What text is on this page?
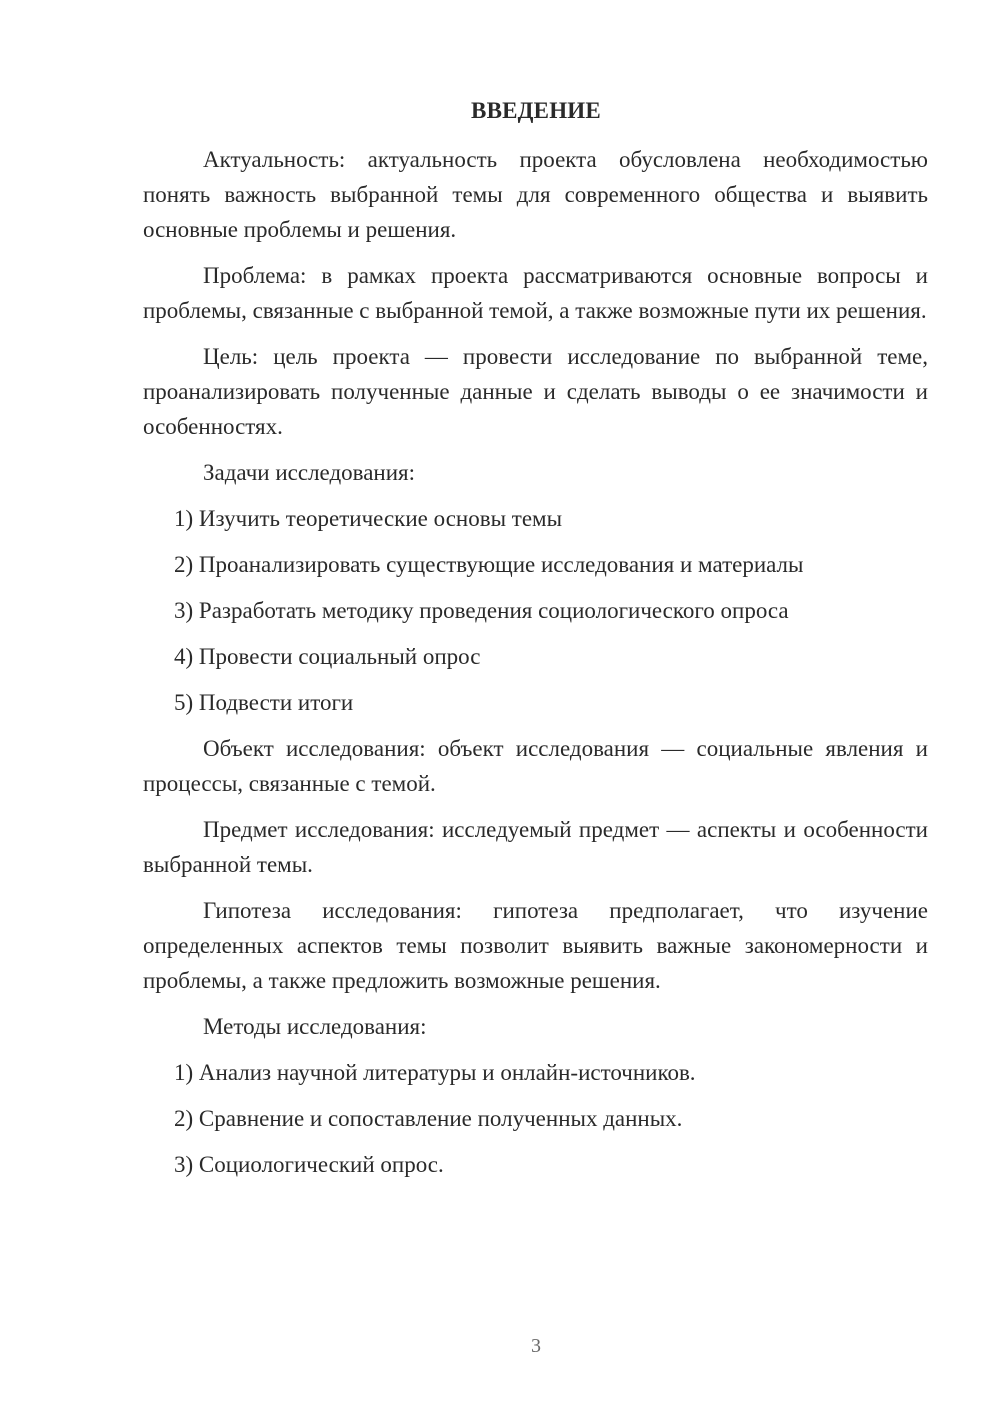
ВВЕДЕНИЕ

Актуальность: актуальность проекта обусловлена необходимостью понять важность выбранной темы для современного общества и выявить основные проблемы и решения.

Проблема: в рамках проекта рассматриваются основные вопросы и проблемы, связанные с выбранной темой, а также возможные пути их решения.

Цель: цель проекта — провести исследование по выбранной теме, проанализировать полученные данные и сделать выводы о ее значимости и особенностях.

Задачи исследования:

1) Изучить теоретические основы темы

2) Проанализировать существующие исследования и материалы

3) Разработать методику проведения социологического опроса

4) Провести социальный опрос

5) Подвести итоги

Объект исследования: объект исследования — социальные явления и процессы, связанные с темой.

Предмет исследования: исследуемый предмет — аспекты и особенности выбранной темы.

Гипотеза исследования: гипотеза предполагает, что изучение определенных аспектов темы позволит выявить важные закономерности и проблемы, а также предложить возможные решения.

Методы исследования:

1) Анализ научной литературы и онлайн-источников.

2) Сравнение и сопоставление полученных данных.

3) Социологический опрос.

3
